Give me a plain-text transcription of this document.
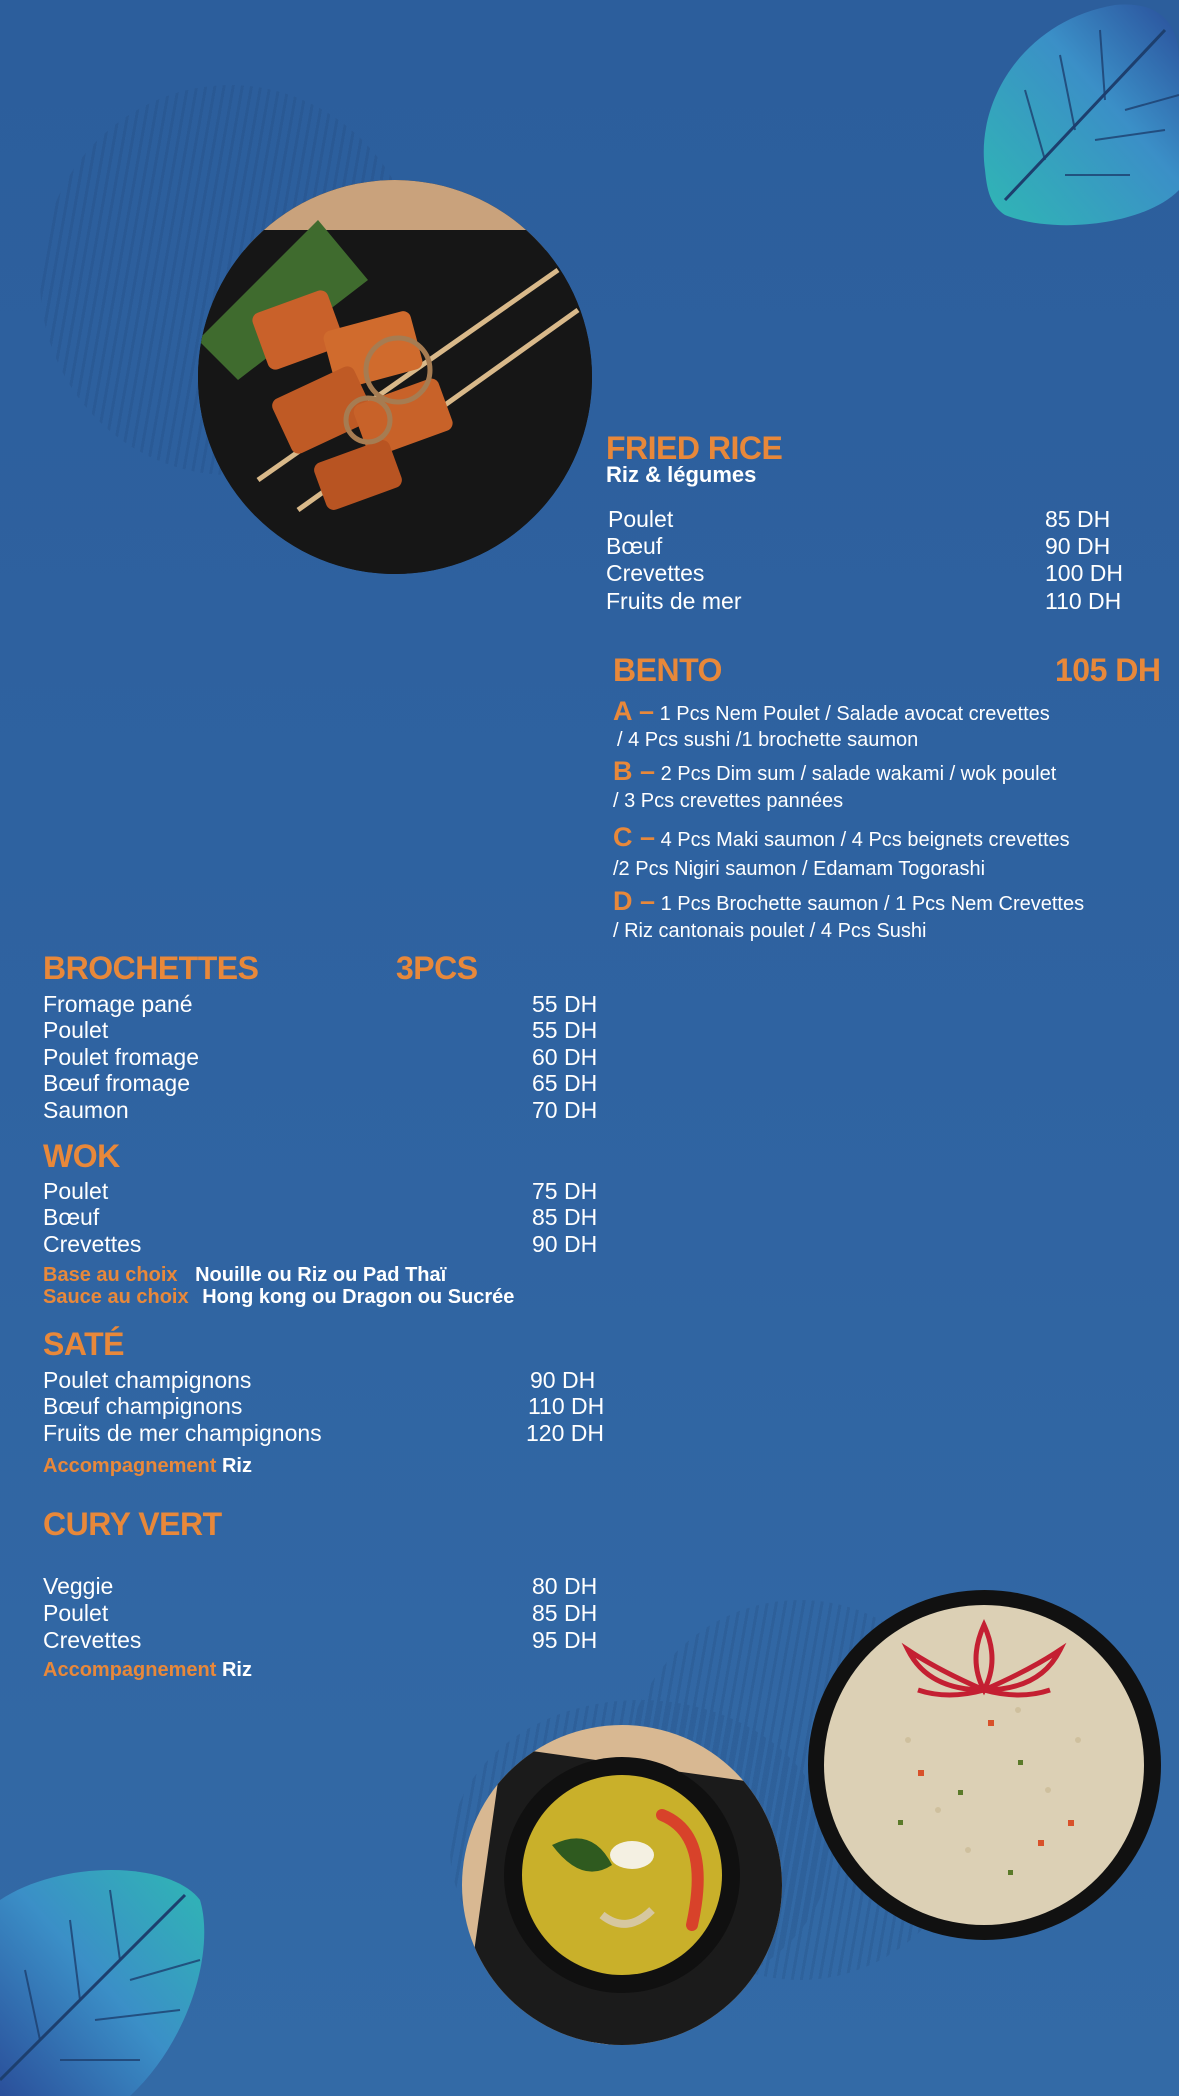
FRIED RICE
Riz & légumes
Poulet	85 DH
Bœuf	90 DH
Crevettes	100 DH
Fruits de mer	110 DH
BENTO	105 DH
A – 1 Pcs Nem Poulet / Salade avocat crevettes
/ 4 Pcs sushi /1 brochette saumon
B – 2 Pcs Dim sum / salade wakami / wok poulet
/ 3 Pcs crevettes pannées
C – 4 Pcs Maki saumon / 4 Pcs beignets crevettes
/2 Pcs Nigiri saumon / Edamam Togorashi
D – 1 Pcs Brochette saumon / 1 Pcs Nem Crevettes
/ Riz cantonais poulet / 4 Pcs Sushi
BROCHETTES	3PCS
Fromage pané	55 DH
Poulet	55 DH
Poulet fromage	60 DH
Bœuf fromage	65 DH
Saumon	70 DH
WOK
Poulet	75 DH
Bœuf	85 DH
Crevettes	90 DH
Base au choix Nouille ou Riz ou Pad Thaï
Sauce au choix Hong kong ou Dragon ou Sucrée
SATÉ
Poulet champignons	90 DH
Bœuf champignons	110 DH
Fruits de mer champignons	120 DH
Accompagnement Riz
CURY VERT
Veggie	80 DH
Poulet	85 DH
Crevettes	95 DH
Accompagnement Riz
